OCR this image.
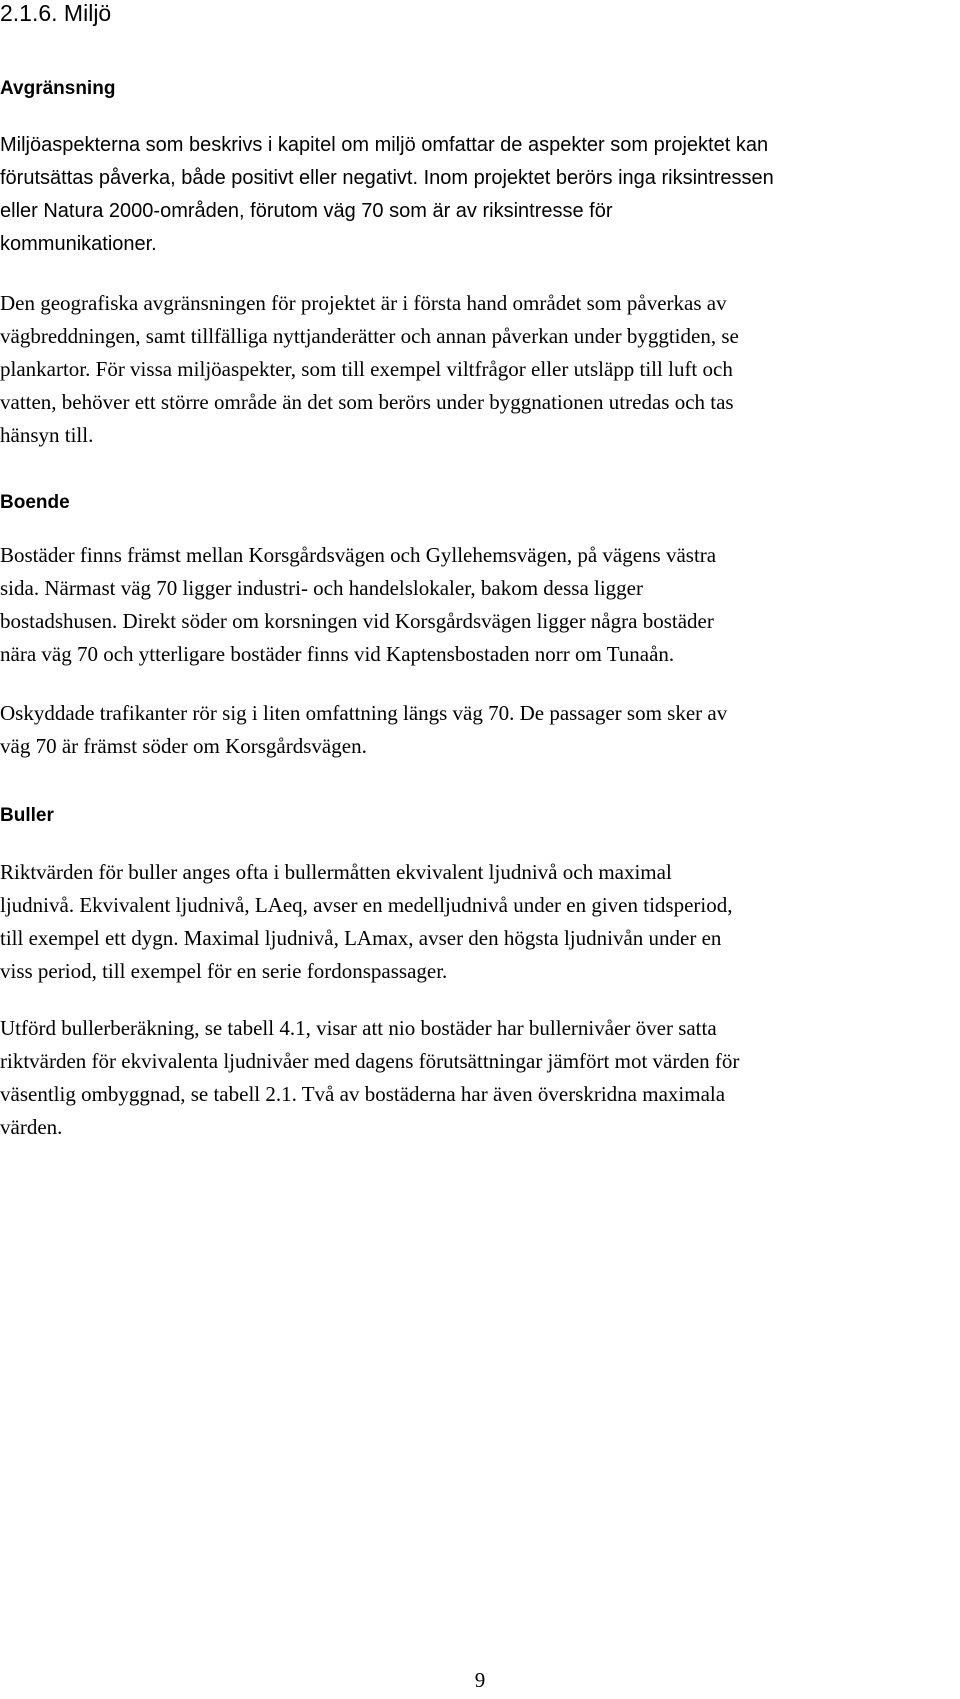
2.1.6. Miljö
Avgränsning

Miljöaspekterna som beskrivs i kapitel om miljö omfattar de aspekter som projektet kan
förutsättas påverka, både positivt eller negativt. Inom projektet berörs inga riksintressen
eller Natura 2000-områden, förutom väg 70 som är av riksintresse för
kommunikationer.

Den geografiska avgränsningen för projektet är i första hand området som påverkas av
vägbreddningen, samt tillfälliga nyttjanderätter och annan påverkan under byggtiden, se
plankartor. För vissa miljöaspekter, som till exempel viltfrågor eller utsläpp till luft och
vatten, behöver ett större område än det som berörs under byggnationen utredas och tas
hänsyn till.

Boende

Bostäder finns främst mellan Korsgårdsvägen och Gyllehemsvägen, på vägens västra
sida. Närmast väg 70 ligger industri- och handelslokaler, bakom dessa ligger
bostadshusen. Direkt söder om korsningen vid Korsgårdsvägen ligger några bostäder
nära väg 70 och ytterligare bostäder finns vid Kaptensbostaden norr om Tunaån.

Oskyddade trafikanter rör sig i liten omfattning längs väg 70. De passager som sker av
väg 70 är främst söder om Korsgårdsvägen.

Buller

Riktvärden för buller anges ofta i bullermåtten ekvivalent ljudnivå och maximal
ljudnivå. Ekvivalent ljudnivå, LAeq, avser en medelljudnivå under en given tidsperiod,
till exempel ett dygn. Maximal ljudnivå, LAmax, avser den högsta ljudnivån under en
viss period, till exempel för en serie fordonspassager.

Utförd bullerberäkning, se tabell 4.1, visar att nio bostäder har bullernivåer över satta
riktvärden för ekvivalenta ljudnivåer med dagens förutsättningar jämfört mot värden för
väsentlig ombyggnad, se tabell 2.1. Två av bostäderna har även överskridna maximala
värden.

9
